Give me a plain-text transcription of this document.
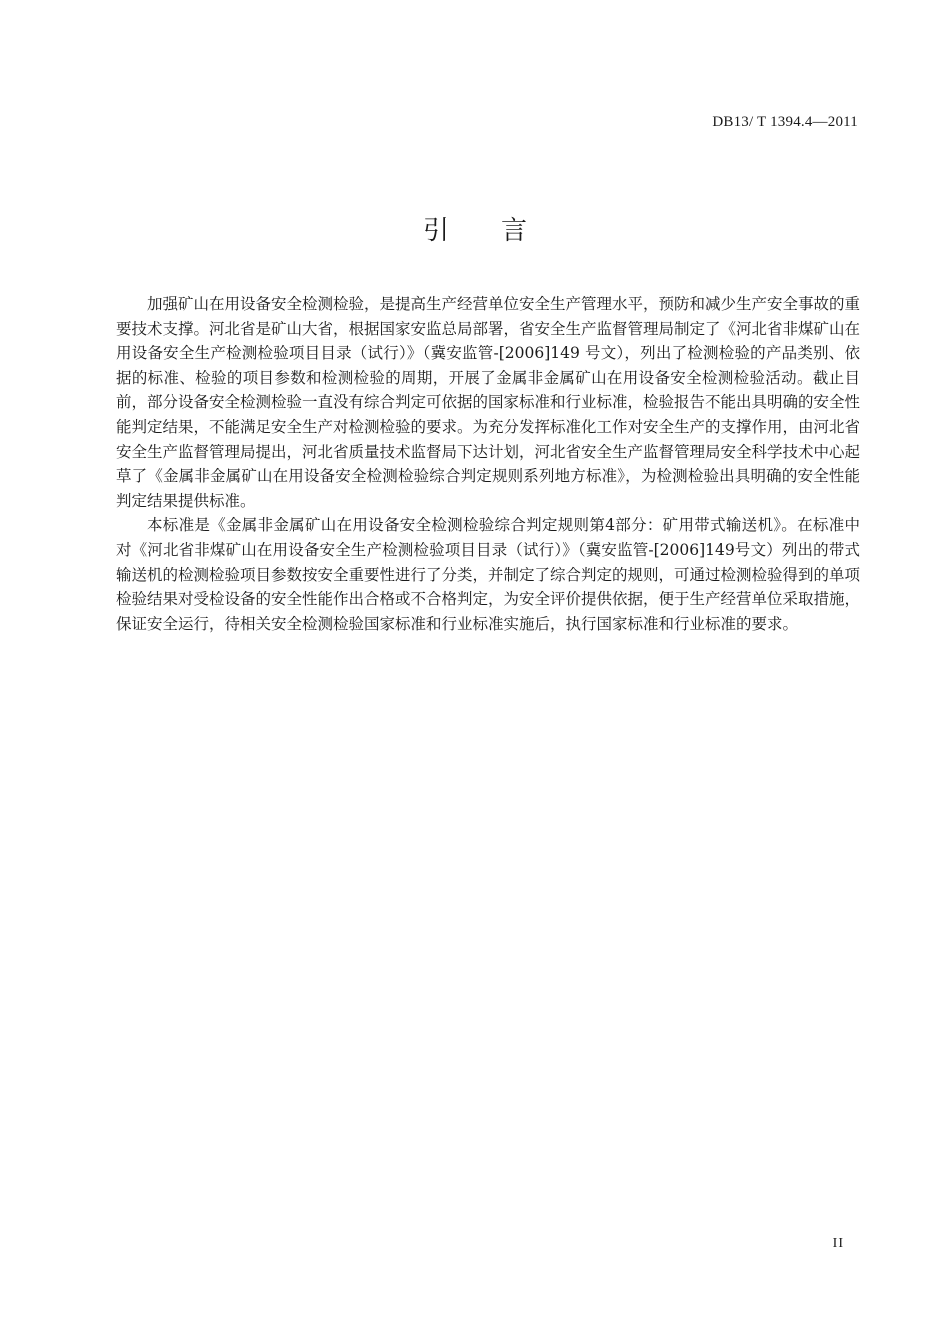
DB13/ T 1394.4—2011
引 言

加强矿山在用设备安全检测检验，是提高生产经营单位安全生产管理水平，预防和减少生产安全事故的重要技术支撑。河北省是矿山大省，根据国家安监总局部署，省安全生产监督管理局制定了《河北省非煤矿山在用设备安全生产检测检验项目目录（试行）》（冀安监管-[2006]149 号文），列出了检测检验的产品类别、依据的标准、检验的项目参数和检测检验的周期，开展了金属非金属矿山在用设备安全检测检验活动。截止目前，部分设备安全检测检验一直没有综合判定可依据的国家标准和行业标准，检验报告不能出具明确的安全性能判定结果，不能满足安全生产对检测检验的要求。为充分发挥标准化工作对安全生产的支撑作用，由河北省安全生产监督管理局提出，河北省质量技术监督局下达计划，河北省安全生产监督管理局安全科学技术中心起草了《金属非金属矿山在用设备安全检测检验综合判定规则系列地方标准》，为检测检验出具明确的安全性能判定结果提供标准。

本标准是《金属非金属矿山在用设备安全检测检验综合判定规则第4部分：矿用带式输送机》。在标准中对《河北省非煤矿山在用设备安全生产检测检验项目目录（试行）》（冀安监管-[2006]149号文）列出的带式输送机的检测检验项目参数按安全重要性进行了分类，并制定了综合判定的规则，可通过检测检验得到的单项检验结果对受检设备的安全性能作出合格或不合格判定，为安全评价提供依据，便于生产经营单位采取措施，保证安全运行，待相关安全检测检验国家标准和行业标准实施后，执行国家标准和行业标准的要求。

II
